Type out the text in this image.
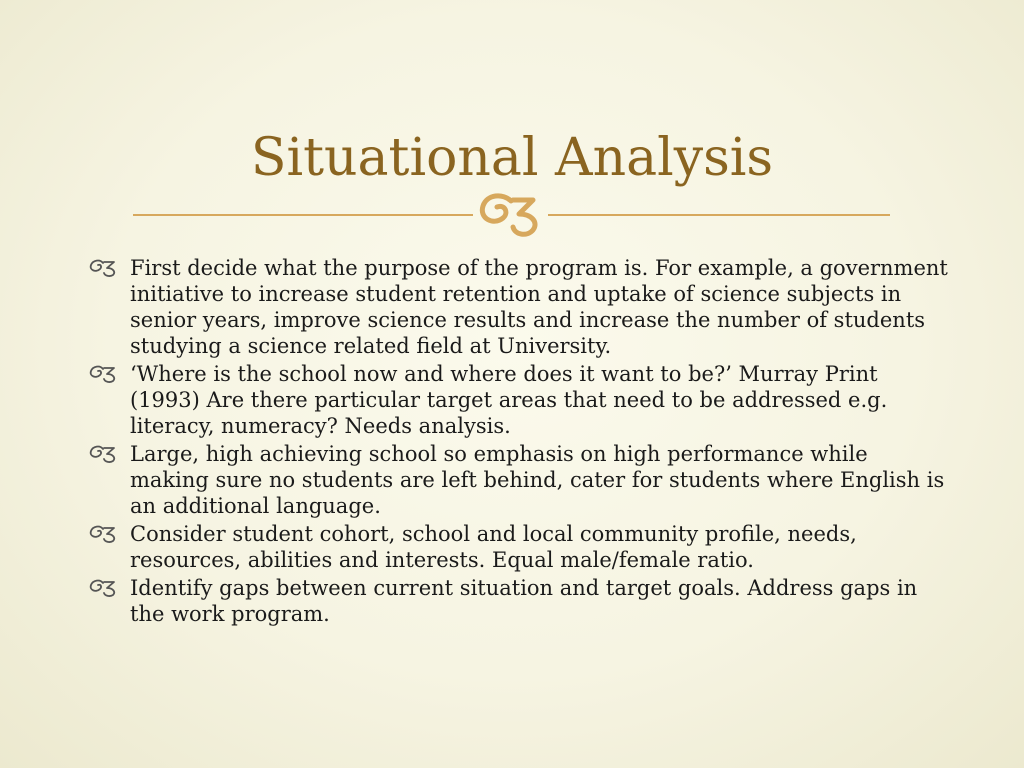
Situational Analysis
First decide what the purpose of the program is. For example, a government initiative to increase student retention and uptake of science subjects in senior years, improve science results and increase the number of students studying a science related field at University.
‘Where is the school now and where does it want to be?’ Murray Print (1993) Are there particular target areas that need to be addressed e.g. literacy, numeracy? Needs analysis.
Large, high achieving school so emphasis on high performance while making sure no students are left behind, cater for students where English is an additional language.
Consider student cohort, school and local community profile, needs, resources, abilities and interests. Equal male/female ratio.
Identify gaps between current situation and target goals. Address gaps in the work program.
